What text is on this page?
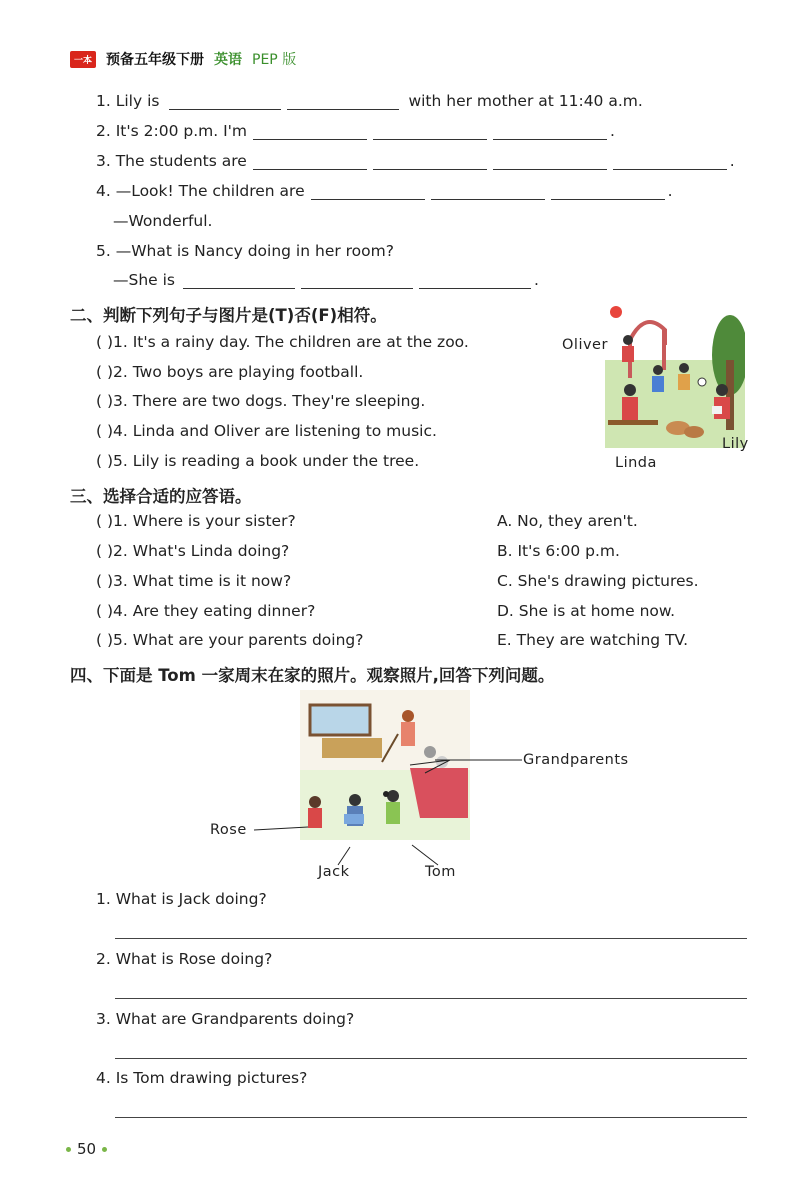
一本 预备五年级下册 英语 PEP 版
1. Lily is	with her mother at 11:40 a.m.
2. It's 2:00 p.m. I'm	.
3. The students are	.
4. —Look! The children are	.
—Wonderful.
5. —What is Nancy doing in her room?
—She is	.
二、判断下列句子与图片是(T)否(F)相符。
( )1. It's a rainy day. The children are at the zoo.
( )2. Two boys are playing football.
( )3. There are two dogs. They're sleeping.
( )4. Linda and Oliver are listening to music.
( )5. Lily is reading a book under the tree.
Oliver
Lily
Linda
三、选择合适的应答语。
( )1. Where is your sister?
( )2. What's Linda doing?
( )3. What time is it now?
( )4. Are they eating dinner?
( )5. What are your parents doing?
A. No, they aren't.
B. It's 6:00 p.m.
C. She's drawing pictures.
D. She is at home now.
E. They are watching TV.
四、下面是 Tom 一家周末在家的照片。观察照片,回答下列问题。
Grandparents
Rose
Jack	Tom
1. What is Jack doing?
2. What is Rose doing?
3. What are Grandparents doing?
4. Is Tom drawing pictures?
50
